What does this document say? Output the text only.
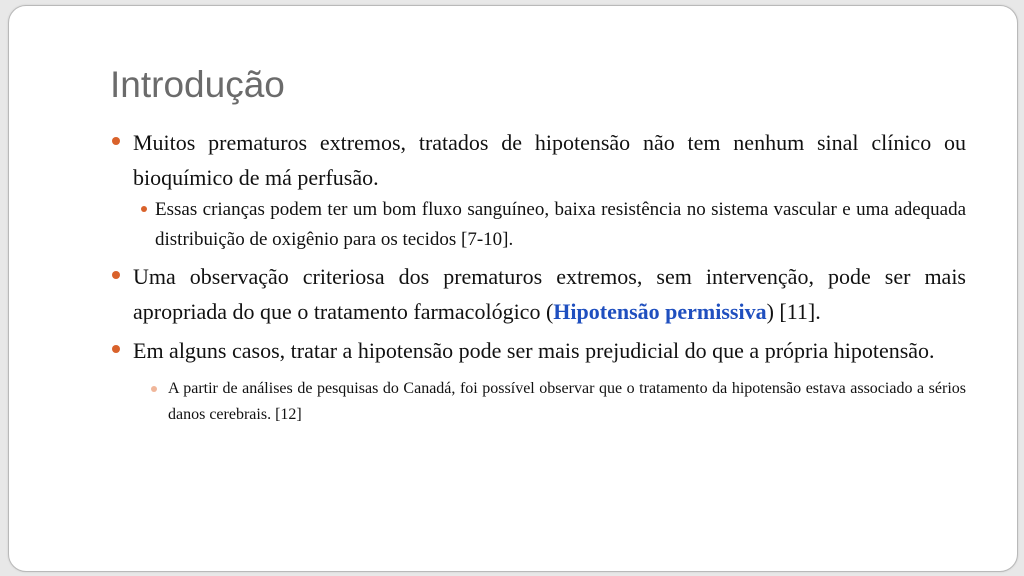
Introdução
Muitos prematuros extremos, tratados de hipotensão não tem nenhum sinal clínico ou bioquímico de má perfusão.
Essas crianças podem ter um bom fluxo sanguíneo, baixa resistência no sistema vascular e uma adequada distribuição de oxigênio para os tecidos [7-10].
Uma observação criteriosa dos prematuros extremos, sem intervenção, pode ser mais apropriada do que o tratamento farmacológico (Hipotensão permissiva) [11].
Em alguns casos, tratar a hipotensão pode ser mais prejudicial do que a própria hipotensão.
A partir de análises de pesquisas do Canadá, foi possível observar que o tratamento da hipotensão estava associado a sérios danos cerebrais. [12]
